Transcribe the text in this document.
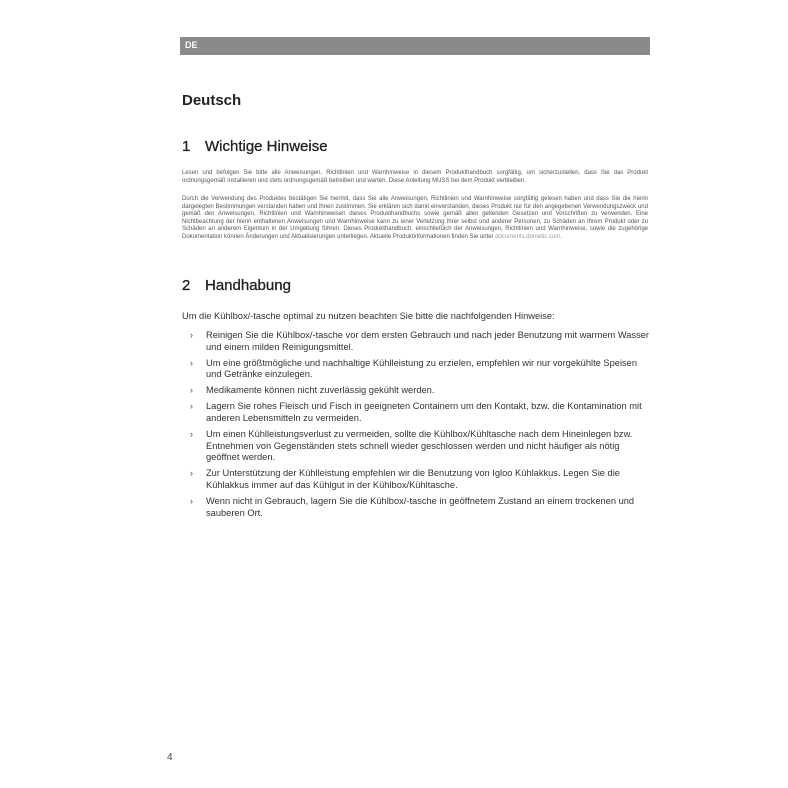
DE
Deutsch
1 Wichtige Hinweise
Lesen und befolgen Sie bitte alle Anweisungen, Richtlinien und Warnhinweise in diesem Produkthandbuch sorgfältig, um sicherzustellen, dass Sie das Produkt ordnungsgemäß installieren und stets ordnungsgemäß betreiben und warten. Diese Anleitung MUSS bei dem Produkt verbleiben.
Durch die Verwendung des Produktes bestätigen Sie hiermit, dass Sie alle Anweisungen, Richtlinien und Warnhinweise sorgfältig gelesen haben und dass Sie die hierin dargelegten Bestimmungen verstanden haben und ihnen zustimmen. Sie erklären sich damit einverstanden, dieses Produkt nur für den angegebenen Verwendungszweck und gemäß den Anweisungen, Richtlinien und Warnhinweisen dieses Produkthandbuchs sowie gemäß allen geltenden Gesetzen und Vorschriften zu verwenden. Eine Nichtbeachtung der hierin enthaltenen Anweisungen und Warnhinweise kann zu einer Verletzung Ihrer selbst und anderer Personen, zu Schäden an Ihrem Produkt oder zu Schäden an anderem Eigentum in der Umgebung führen. Dieses Produkthandbuch, einschließlich der Anweisungen, Richtlinien und Warnhinweise, sowie die zugehörige Dokumentation können Änderungen und Aktualisierungen unterliegen. Aktuelle Produktinformationen finden Sie unter documents.dometic.com.
2 Handhabung
Um die Kühlbox/-tasche optimal zu nutzen beachten Sie bitte die nachfolgenden Hinweise:
› Reinigen Sie die Kühlbox/-tasche vor dem ersten Gebrauch und nach jeder Benutzung mit warmem Wasser und einem milden Reinigungsmittel.
› Um eine größtmögliche und nachhaltige Kühlleistung zu erzielen, empfehlen wir nur vorgekühlte Speisen und Getränke einzulegen.
› Medikamente können nicht zuverlässig gekühlt werden.
› Lagern Sie rohes Fleisch und Fisch in geeigneten Containern um den Kontakt, bzw. die Kontamination mit anderen Lebensmitteln zu vermeiden.
› Um einen Kühlleistungsverlust zu vermeiden, sollte die Kühlbox/Kühltasche nach dem Hineinlegen bzw. Entnehmen von Gegenständen stets schnell wieder geschlossen werden und nicht häufiger als nötig geöffnet werden.
› Zur Unterstützung der Kühlleistung empfehlen wir die Benutzung von Igloo Kühlakkus. Legen Sie die Kühlakkus immer auf das Kühlgut in der Kühlbox/Kühltasche.
› Wenn nicht in Gebrauch, lagern Sie die Kühlbox/-tasche in geöffnetem Zustand an einem trockenen und sauberen Ort.
4
